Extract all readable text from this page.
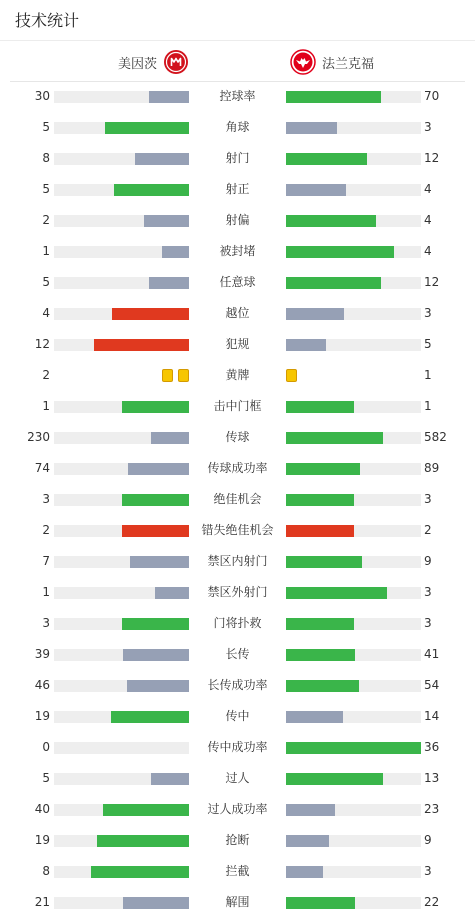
技术统计
美因茨	法兰克福
30	控球率	70
5	角球	3
8	射门	12
5	射正	4
2	射偏	4
1	被封堵	4
5	任意球	12
4	越位	3
12	犯规	5
2	黄牌	1
1	击中门框	1
230	传球	582
74	传球成功率	89
3	绝佳机会	3
2	错失绝佳机会	2
7	禁区内射门	9
1	禁区外射门	3
3	门将扑救	3
39	长传	41
46	长传成功率	54
19	传中	14
0	传中成功率	36
5	过人	13
40	过人成功率	23
19	抢断	9
8	拦截	3
21	解围	22
